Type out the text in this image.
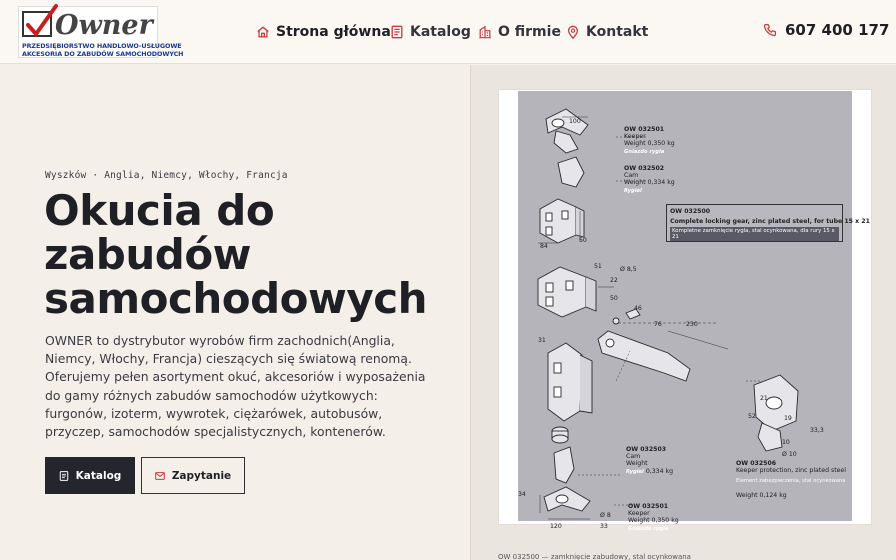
Owner
PRZEDSIĘBIORSTWO HANDLOWO-USŁUGOWE
AKCESORIA DO ZABUDÓW SAMOCHODOWYCH
Strona główna Katalog O firmie Kontakt	607 400 177
Wyszków · Anglia, Niemcy, Włochy, Francja
Okucia do
zabudów
samochodowych

OWNER to dystrybutor wyrobów firm zachodnich(Anglia, Niemcy, Włochy, Francja) cieszących się światową renomą. Oferujemy pełen asortyment okuć, akcesoriów i wyposażenia do gamy różnych zabudów samochodów użytkowych: furgonów, izoterm, wywrotek, ciężarówek, autobusów, przyczep, samochodów specjalistycznych, kontenerów.

Katalog	Zapytanie
100
84
50
51	Ø 8,5
22
50
46
76	230
31
21
52	19
33,3
10
Ø 10
34
120
Ø 8
33
OW 032501
Keeper
Weight 0,350 kg
Gniazdo rygla
OW 032502
Cam
Weight 0,334 kg
Rygiel
OW 032500
Complete locking gear, zinc plated steel, for tube 15 x 21
Kompletne zamknięcie rygla, stal ocynkowana, dla rury 15 x 21
OW 032503
Cam
Weight
Rygiel 0,334 kg
OW 032506
Keeper protection, zinc plated steel
Element zabezpieczenia, stal ocynkowana
Weight 0,124 kg
OW 032501
Keeper
Weight 0,350 kg
Gniazdo rygla
OW 032500 — zamknięcie zabudowy, stal ocynkowana
